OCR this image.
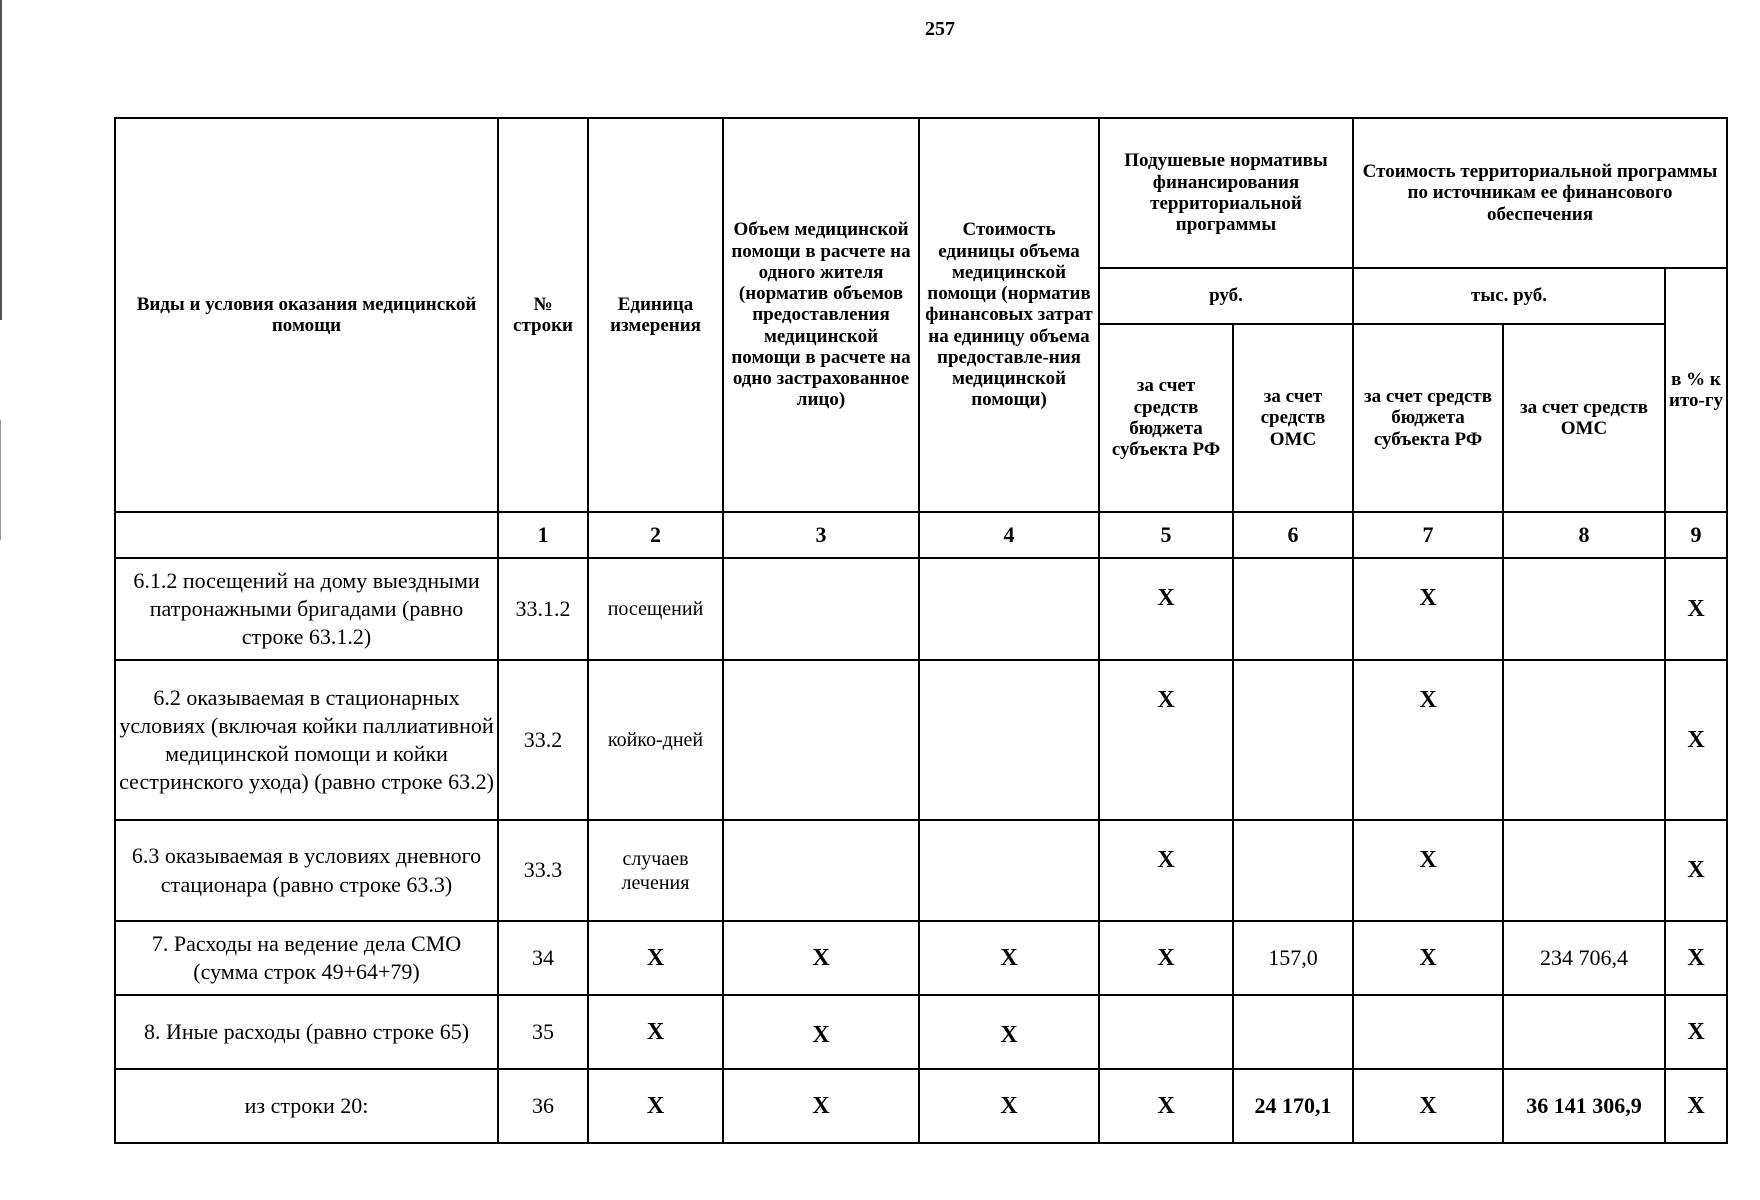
257
Виды и условия оказания медицинской помощи	№ строки	Единица измерения	Объем медицинской помощи в расчете на одного жителя (норматив объемов предоставления медицинской помощи в расчете на одно застрахованное лицо)	Стоимость единицы объема медицинской помощи (норматив финансовых затрат на единицу объема предоставле-ния медицинской помощи)	Подушевые нормативы финансирования территориальной программы		Стоимость территориальной программы по источникам ее финансового обеспечения		
					руб.		тыс. руб.		в % к ито-гу
					за счет средств бюджета субъекта РФ	за счет средств ОМС	за счет средств бюджета субъекта РФ	за счет средств ОМС	
	1	2	3	4	5	6	7	8	9
6.1.2 посещений на дому выездными патронажными бригадами (равно строке 63.1.2)	33.1.2	посещений			X		X		X
6.2 оказываемая в стационарных условиях (включая койки паллиативной медицинской помощи и койки сестринского ухода) (равно строке 63.2)	33.2	койко-дней			X		X		X
6.3 оказываемая в условиях дневного стационара (равно строке 63.3)	33.3	случаев лечения			X		X		X
7. Расходы на ведение дела СМО (сумма строк 49+64+79)	34	X	X	X	X	157,0	X	234 706,4	X
8. Иные расходы (равно строке 65)	35	X	X	X					X
из строки 20:	36	X	X	X	X	24 170,1	X	36 141 306,9	X
